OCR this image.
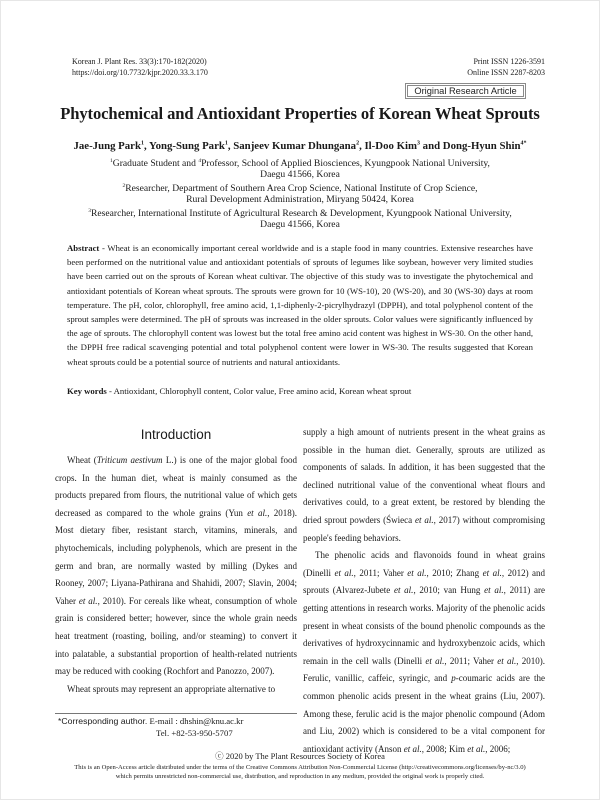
Korean J. Plant Res. 33(3):170-182(2020)
https://doi.org/10.7732/kjpr.2020.33.3.170
Print ISSN 1226-3591
Online ISSN 2287-8203
Original Research Article
Phytochemical and Antioxidant Properties of Korean Wheat Sprouts
Jae-Jung Park$^1$, Yong-Sung Park$^1$, Sanjeev Kumar Dhungana$^2$, Il-Doo Kim$^3$ and Dong-Hyun Shin$^{4*}$
$^1$Graduate Student and $^4$Professor, School of Applied Biosciences, Kyungpook National University,
Daegu 41566, Korea
$^2$Researcher, Department of Southern Area Crop Science, National Institute of Crop Science,
Rural Development Administration, Miryang 50424, Korea
$^3$Researcher, International Institute of Agricultural Research & Development, Kyungpook National University,
Daegu 41566, Korea
Abstract - Wheat is an economically important cereal worldwide and is a staple food in many countries. Extensive researches have been performed on the nutritional value and antioxidant potentials of sprouts of legumes like soybean, however very limited studies have been carried out on the sprouts of Korean wheat cultivar. The objective of this study was to investigate the phytochemical and antioxidant potentials of Korean wheat sprouts. The sprouts were grown for 10 (WS-10), 20 (WS-20), and 30 (WS-30) days at room temperature. The pH, color, chlorophyll, free amino acid, 1,1-diphenly-2-picrylhydrazyl (DPPH), and total polyphenol content of the sprout samples were determined. The pH of sprouts was increased in the older sprouts. Color values were significantly influenced by the age of sprouts. The chlorophyll content was lowest but the total free amino acid content was highest in WS-30. On the other hand, the DPPH free radical scavenging potential and total polyphenol content were lower in WS-30. The results suggested that Korean wheat sprouts could be a potential source of nutrients and natural antioxidants.
Key words - Antioxidant, Chlorophyll content, Color value, Free amino acid, Korean wheat sprout
Introduction

Wheat (Triticum aestivum L.) is one of the major global food crops. In the human diet, wheat is mainly consumed as the products prepared from flours, the nutritional value of which gets decreased as compared to the whole grains (Yun et al., 2018). Most dietary fiber, resistant starch, vitamins, minerals, and phytochemicals, including polyphenols, which are present in the germ and bran, are normally wasted by milling (Dykes and Rooney, 2007; Liyana-Pathirana and Shahidi, 2007; Slavin, 2004; Vaher et al., 2010). For cereals like wheat, consumption of whole grain is considered better; however, since the whole grain needs heat treatment (roasting, boiling, and/or steaming) to convert it into palatable, a substantial proportion of health-related nutrients may be reduced with cooking (Rochfort and Panozzo, 2007).

Wheat sprouts may represent an appropriate alternative to

supply a high amount of nutrients present in the wheat grains as possible in the human diet. Generally, sprouts are utilized as components of salads. In addition, it has been suggested that the declined nutritional value of the conventional wheat flours and derivatives could, to a great extent, be restored by blending the dried sprout powders (Świeca et al., 2017) without compromising people's feeding behaviors.

The phenolic acids and flavonoids found in wheat grains (Dinelli et al., 2011; Vaher et al., 2010; Zhang et al., 2012) and sprouts (Alvarez-Jubete et al., 2010; van Hung et al., 2011) are getting attentions in research works. Majority of the phenolic acids present in wheat consists of the bound phenolic compounds as the derivatives of hydroxycinnamic and hydroxybenzoic acids, which remain in the cell walls (Dinelli et al., 2011; Vaher et al., 2010). Ferulic, vanillic, caffeic, syringic, and p-coumaric acids are the common phenolic acids present in the wheat grains (Liu, 2007). Among these, ferulic acid is the major phenolic compound (Adom and Liu, 2002) which is considered to be a vital component for antioxidant activity (Anson et al., 2008; Kim et al., 2006;

*Corresponding author. E-mail : dhshin@knu.ac.kr
Tel. +82-53-950-5707
ⓒ 2020 by The Plant Resources Society of Korea
This is an Open-Access article distributed under the terms of the Creative Commons Attribution Non-Commercial License (http://creativecommons.org/licenses/by-nc/3.0)
which permits unrestricted non-commercial use, distribution, and reproduction in any medium, provided the original work is properly cited.
